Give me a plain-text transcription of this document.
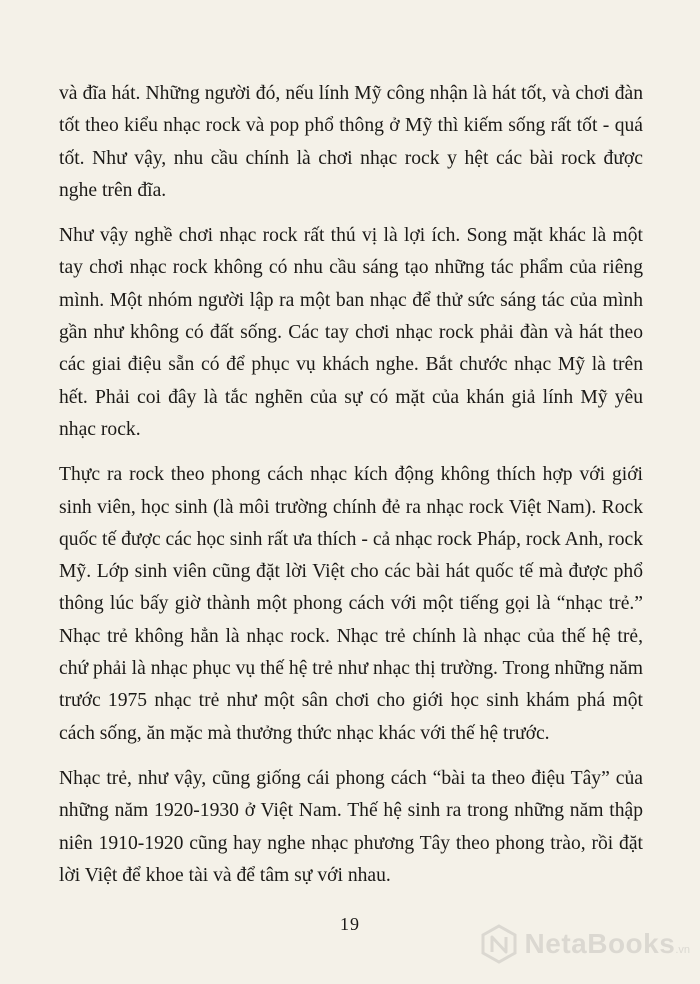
và đĩa hát. Những người đó, nếu lính Mỹ công nhận là hát tốt, và chơi đàn tốt theo kiểu nhạc rock và pop phổ thông ở Mỹ thì kiếm sống rất tốt - quá tốt. Như vậy, nhu cầu chính là chơi nhạc rock y hệt các bài rock được nghe trên đĩa.

Như vậy nghề chơi nhạc rock rất thú vị là lợi ích. Song mặt khác là một tay chơi nhạc rock không có nhu cầu sáng tạo những tác phẩm của riêng mình. Một nhóm người lập ra một ban nhạc để thử sức sáng tác của mình gần như không có đất sống. Các tay chơi nhạc rock phải đàn và hát theo các giai điệu sẵn có để phục vụ khách nghe. Bắt chước nhạc Mỹ là trên hết. Phải coi đây là tắc nghẽn của sự có mặt của khán giả lính Mỹ yêu nhạc rock.

Thực ra rock theo phong cách nhạc kích động không thích hợp với giới sinh viên, học sinh (là môi trường chính đẻ ra nhạc rock Việt Nam). Rock quốc tế được các học sinh rất ưa thích - cả nhạc rock Pháp, rock Anh, rock Mỹ. Lớp sinh viên cũng đặt lời Việt cho các bài hát quốc tế mà được phổ thông lúc bấy giờ thành một phong cách với một tiếng gọi là “nhạc trẻ.” Nhạc trẻ không hẳn là nhạc rock. Nhạc trẻ chính là nhạc của thế hệ trẻ, chứ phải là nhạc phục vụ thế hệ trẻ như nhạc thị trường. Trong những năm trước 1975 nhạc trẻ như một sân chơi cho giới học sinh khám phá một cách sống, ăn mặc mà thưởng thức nhạc khác với thế hệ trước.

Nhạc trẻ, như vậy, cũng giống cái phong cách “bài ta theo điệu Tây” của những năm 1920-1930 ở Việt Nam. Thế hệ sinh ra trong những năm thập niên 1910-1920 cũng hay nghe nhạc phương Tây theo phong trào, rồi đặt lời Việt để khoe tài và để tâm sự với nhau.

19
NetaBooks .vn
